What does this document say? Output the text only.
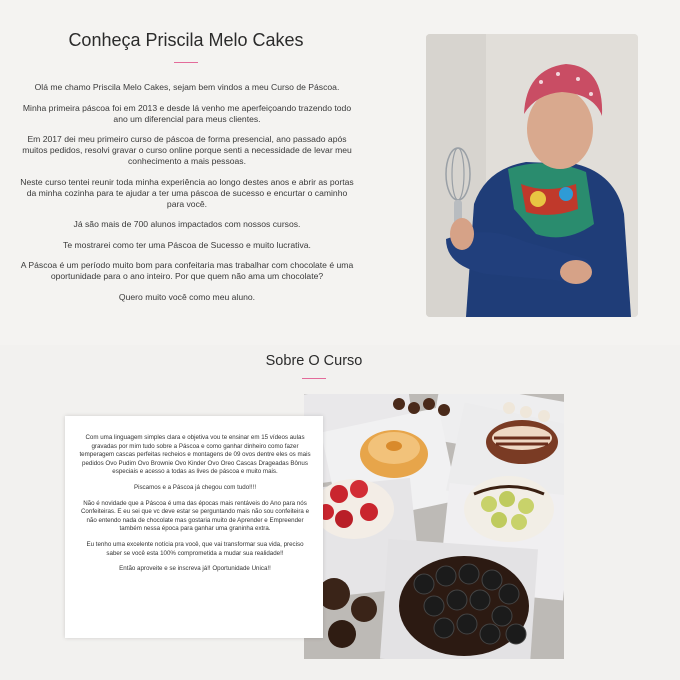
Conheça Priscila Melo Cakes

Olá me chamo Priscila Melo Cakes, sejam bem vindos a meu Curso de Páscoa.

Minha primeira páscoa foi em 2013 e desde lá venho me aperfeiçoando trazendo todo ano um diferencial para meus clientes.

Em 2017 dei meu primeiro curso de páscoa de forma presencial, ano passado após muitos pedidos, resolvi gravar o curso online porque senti a necessidade de levar meu conhecimento a mais pessoas.

Neste curso tentei reunir toda minha experiência ao longo destes anos e abrir as portas da minha cozinha para te ajudar a ter uma páscoa de sucesso e encurtar o caminho para você.

Já são mais de 700 alunos impactados com nossos cursos.

Te mostrarei como ter uma Páscoa de Sucesso e muito lucrativa.

A Páscoa é um período muito bom para confeitaria mas trabalhar com chocolate é uma oportunidade para o ano inteiro. Por que quem não ama um chocolate?

Quero muito você como meu aluno.

Sobre O Curso

Com uma linguagem simples clara e objetiva vou te ensinar em 15 vídeos aulas gravadas por mim tudo sobre a Páscoa e como ganhar dinheiro como fazer temperagem cascas perfeitas recheios e montagens de 09 ovos dentre eles os mais pedidos Ovo Pudim Ovo Brownie Ovo Kinder Ovo Oreo Cascas Drageadas Bônus especiais e acesso a todas as lives de páscoa e muito mais.

Piscamos e a Páscoa já chegou com tudo!!!!

Não é novidade que a Páscoa é uma das épocas mais rentáveis do Ano para nós Confeiteiras. E eu sei que vc deve estar se perguntando mais não sou confeiteira e não entendo nada de chocolate mas gostaria muito de Aprender e Empreender também nessa época para ganhar uma graninha extra.

Eu tenho uma excelente notícia pra você, que vai transformar sua vida, preciso saber se você esta 100% comprometida a mudar sua realidade!!

Então aproveite e se inscreva já!! Oportunidade Unica!!
